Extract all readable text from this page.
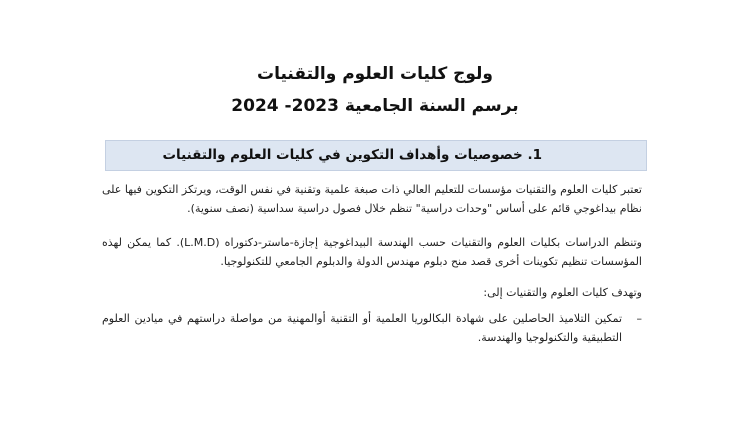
ولوج كليات العلوم والتقنيات
برسم السنة الجامعية 2023- 2024
1. خصوصيات وأهداف التكوين في كليات العلوم والتقنيات
تعتبر كليات العلوم والتقنيات مؤسسات للتعليم العالي ذات صبغة علمية وتقنية في نفس الوقت، ويرتكز التكوين فيها على نظام بيداغوجي قائم على أساس "وحدات دراسية" تنظم خلال فصول دراسية سداسية (نصف سنوية).
وتنظم الدراسات بكليات العلوم والتقنيات حسب الهندسة البيداغوجية إجازة-ماستر-دكتوراه (L.M.D). كما يمكن لهذه المؤسسات تنظيم تكوينات أخرى قصد منح دبلوم مهندس الدولة والدبلوم الجامعي للتكنولوجيا.
وتهدف كليات العلوم والتقنيات إلى:
–
تمكين التلاميذ الحاصلين على شهادة البكالوريا العلمية أو التقنية أوالمهنية من مواصلة دراستهم في ميادين العلوم التطبيقية والتكنولوجيا والهندسة.
